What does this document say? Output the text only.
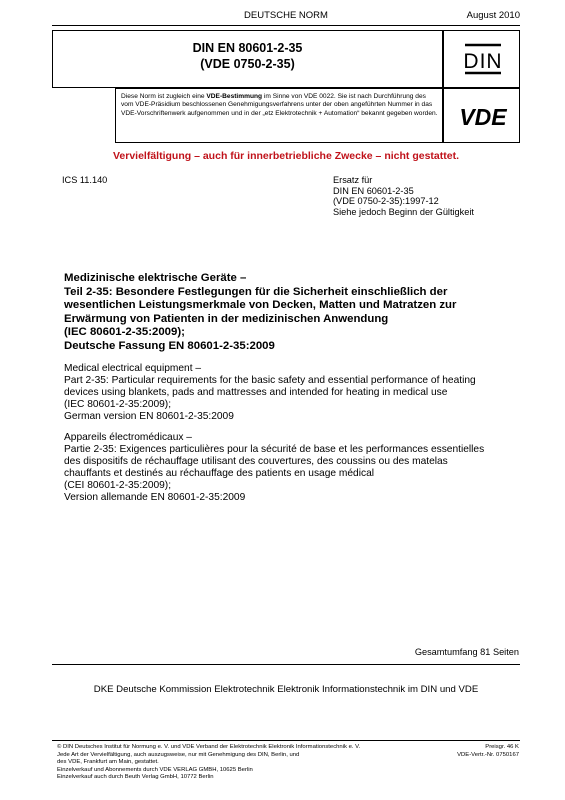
DEUTSCHE NORM	August 2010
DIN EN 80601-2-35
(VDE 0750-2-35)	DIN
Diese Norm ist zugleich eine VDE-Bestimmung im Sinne von VDE 0022. Sie ist nach Durchführung des vom VDE-Präsidium beschlossenen Genehmigungsverfahrens unter der oben angeführten Nummer in das VDE-Vorschriftenwerk aufgenommen und in der „etz Elektrotechnik + Automation“ bekannt gegeben worden. VDE
Vervielfältigung – auch für innerbetriebliche Zwecke – nicht gestattet.
ICS 11.140	Ersatz für
DIN EN 60601-2-35
(VDE 0750-2-35):1997-12
Siehe jedoch Beginn der Gültigkeit
Medizinische elektrische Geräte –
Teil 2-35: Besondere Festlegungen für die Sicherheit einschließlich der
wesentlichen Leistungsmerkmale von Decken, Matten und Matratzen zur
Erwärmung von Patienten in der medizinischen Anwendung
(IEC 80601-2-35:2009);
Deutsche Fassung EN 80601-2-35:2009
Medical electrical equipment –
Part 2-35: Particular requirements for the basic safety and essential performance of heating
devices using blankets, pads and mattresses and intended for heating in medical use
(IEC 80601-2-35:2009);
German version EN 80601-2-35:2009
Appareils électromédicaux –
Partie 2-35: Exigences particulières pour la sécurité de base et les performances essentielles
des dispositifs de réchauffage utilisant des couvertures, des coussins ou des matelas
chauffants et destinés au réchauffage des patients en usage médical
(CEI 80601-2-35:2009);
Version allemande EN 80601-2-35:2009
Gesamtumfang 81 Seiten
DKE Deutsche Kommission Elektrotechnik Elektronik Informationstechnik im DIN und VDE
© DIN Deutsches Institut für Normung e. V. und VDE Verband der Elektrotechnik Elektronik Informationstechnik e. V.
Jede Art der Vervielfältigung, auch auszugsweise, nur mit Genehmigung des DIN, Berlin, und
des VDE, Frankfurt am Main, gestattet.
Einzelverkauf und Abonnements durch VDE VERLAG GMBH, 10625 Berlin
Einzelverkauf auch durch Beuth Verlag GmbH, 10772 Berlin
Preisgr. 46 K
VDE-Vertr.-Nr. 0750167
